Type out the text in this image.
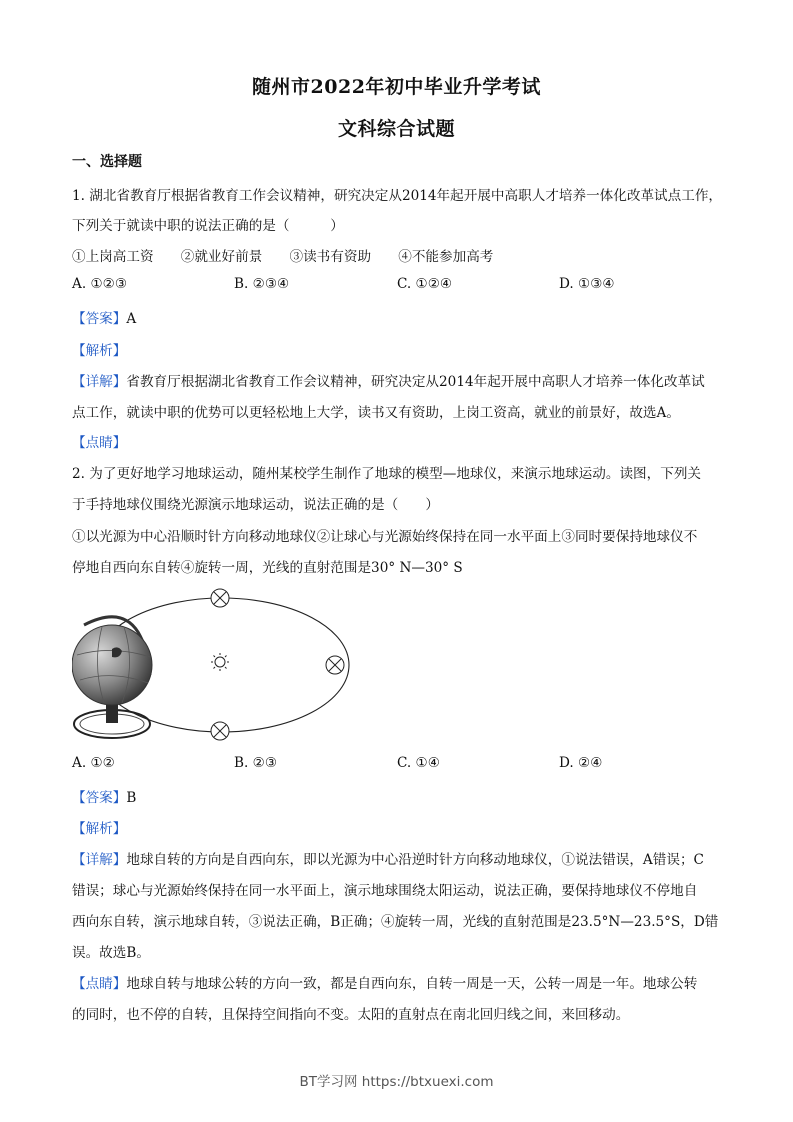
随州市2022年初中毕业升学考试
文科综合试题
一、选择题
1. 湖北省教育厅根据省教育工作会议精神，研究决定从2014年起开展中高职人才培养一体化改革试点工作，
下列关于就读中职的说法正确的是（　　　）
①上岗高工资　　②就业好前景　　③读书有资助　　④不能参加高考
A. ①②③	B. ②③④	C. ①②④	D. ①③④
【答案】A
【解析】
【详解】省教育厅根据湖北省教育工作会议精神，研究决定从2014年起开展中高职人才培养一体化改革试
点工作，就读中职的优势可以更轻松地上大学，读书又有资助，上岗工资高，就业的前景好，故选A。
【点睛】
2. 为了更好地学习地球运动，随州某校学生制作了地球的模型—地球仪，来演示地球运动。读图，下列关
于手持地球仪围绕光源演示地球运动，说法正确的是（　　）
①以光源为中心沿顺时针方向移动地球仪②让球心与光源始终保持在同一水平面上③同时要保持地球仪不
停地自西向东自转④旋转一周，光线的直射范围是30° N—30° S
A. ①②	B. ②③	C. ①④	D. ②④
【答案】B
【解析】
【详解】地球自转的方向是自西向东，即以光源为中心沿逆时针方向移动地球仪，①说法错误，A错误；C
错误；球心与光源始终保持在同一水平面上，演示地球围绕太阳运动，说法正确，要保持地球仪不停地自
西向东自转，演示地球自转，③说法正确，B正确；④旋转一周，光线的直射范围是23.5°N—23.5°S，D错
误。故选B。
【点睛】地球自转与地球公转的方向一致，都是自西向东，自转一周是一天，公转一周是一年。地球公转
的同时，也不停的自转，且保持空间指向不变。太阳的直射点在南北回归线之间，来回移动。
BT学习网 https://btxuexi.com
